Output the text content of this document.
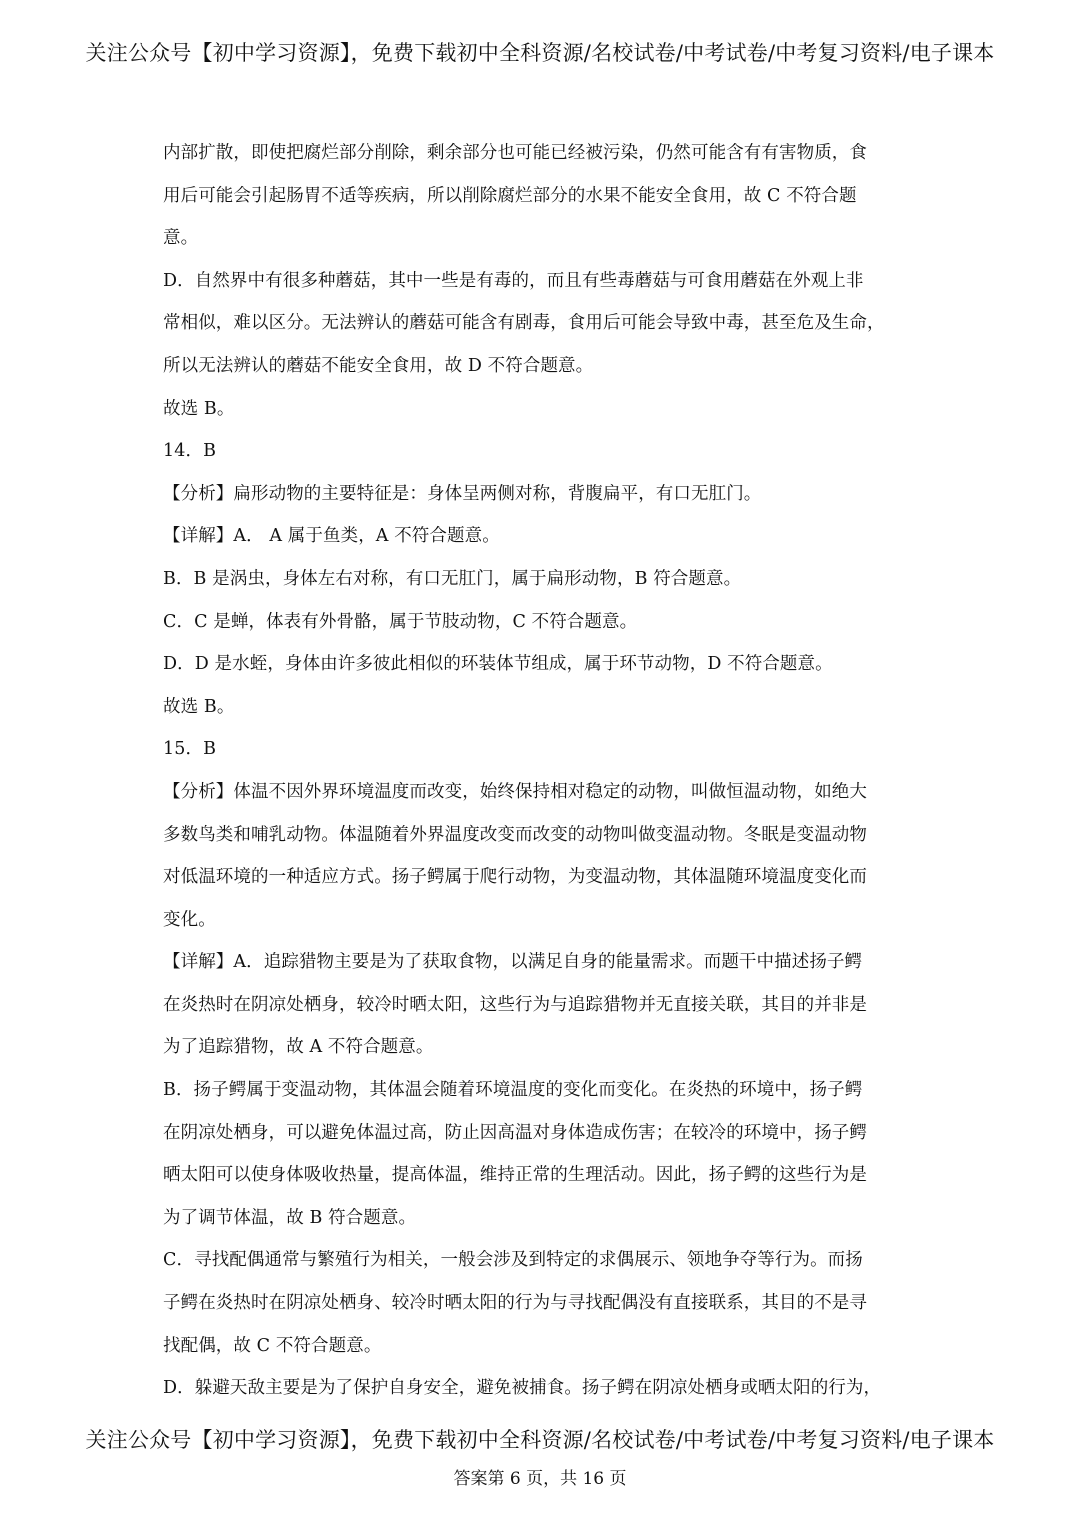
关注公众号【初中学习资源】，免费下载初中全科资源/名校试卷/中考试卷/中考复习资料/电子课本
内部扩散，即使把腐烂部分削除，剩余部分也可能已经被污染，仍然可能含有有害物质，食
用后可能会引起肠胃不适等疾病，所以削除腐烂部分的水果不能安全食用，故 C 不符合题
意。
D．自然界中有很多种蘑菇，其中一些是有毒的，而且有些毒蘑菇与可食用蘑菇在外观上非
常相似，难以区分。无法辨认的蘑菇可能含有剧毒，食用后可能会导致中毒，甚至危及生命，
所以无法辨认的蘑菇不能安全食用，故 D 不符合题意。
故选 B。
14．B
【分析】扁形动物的主要特征是：身体呈两侧对称，背腹扁平，有口无肛门。
【详解】A． A 属于鱼类，A 不符合题意。
B．B 是涡虫，身体左右对称，有口无肛门，属于扁形动物，B 符合题意。
C．C 是蝉，体表有外骨骼，属于节肢动物，C 不符合题意。
D．D 是水蛭，身体由许多彼此相似的环装体节组成，属于环节动物，D 不符合题意。
故选 B。
15．B
【分析】体温不因外界环境温度而改变，始终保持相对稳定的动物，叫做恒温动物，如绝大
多数鸟类和哺乳动物。体温随着外界温度改变而改变的动物叫做变温动物。冬眠是变温动物
对低温环境的一种适应方式。扬子鳄属于爬行动物，为变温动物，其体温随环境温度变化而
变化。
【详解】A．追踪猎物主要是为了获取食物，以满足自身的能量需求。而题干中描述扬子鳄
在炎热时在阴凉处栖身，较冷时晒太阳，这些行为与追踪猎物并无直接关联，其目的并非是
为了追踪猎物，故 A 不符合题意。
B．扬子鳄属于变温动物，其体温会随着环境温度的变化而变化。在炎热的环境中，扬子鳄
在阴凉处栖身，可以避免体温过高，防止因高温对身体造成伤害；在较冷的环境中，扬子鳄
晒太阳可以使身体吸收热量，提高体温，维持正常的生理活动。因此，扬子鳄的这些行为是
为了调节体温，故 B 符合题意。
C．寻找配偶通常与繁殖行为相关，一般会涉及到特定的求偶展示、领地争夺等行为。而扬
子鳄在炎热时在阴凉处栖身、较冷时晒太阳的行为与寻找配偶没有直接联系，其目的不是寻
找配偶，故 C 不符合题意。
D．躲避天敌主要是为了保护自身安全，避免被捕食。扬子鳄在阴凉处栖身或晒太阳的行为，
关注公众号【初中学习资源】，免费下载初中全科资源/名校试卷/中考试卷/中考复习资料/电子课本
答案第 6 页，共 16 页
